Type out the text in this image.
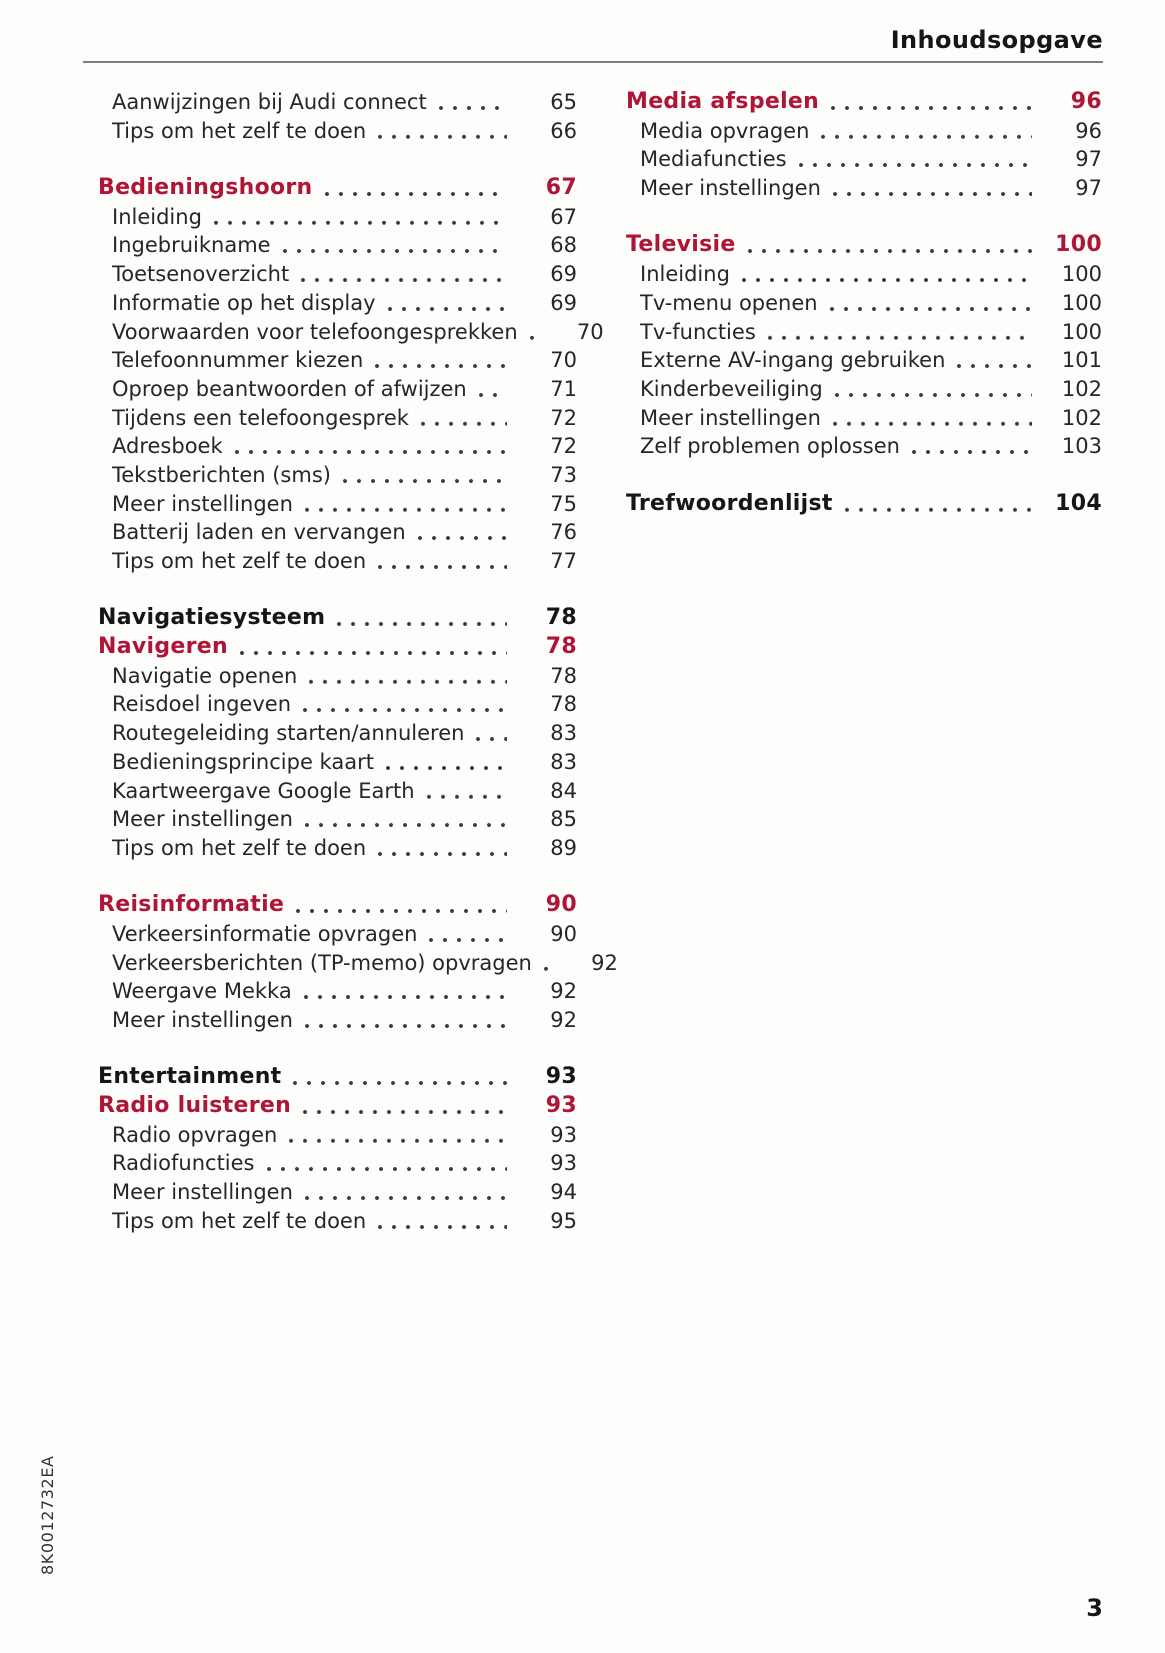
Inhoudsopgave
Aanwijzingen bij Audi connect	65
Tips om het zelf te doen	66
Bedieningshoorn	67
Inleiding	67
Ingebruikname	68
Toetsenoverzicht	69
Informatie op het display	69
Voorwaarden voor telefoongesprekken	70
Telefoonnummer kiezen	70
Oproep beantwoorden of afwijzen	71
Tijdens een telefoongesprek	72
Adresboek	72
Tekstberichten (sms)	73
Meer instellingen	75
Batterij laden en vervangen	76
Tips om het zelf te doen	77
Navigatiesysteem	78
Navigeren	78
Navigatie openen	78
Reisdoel ingeven	78
Routegeleiding starten/annuleren	83
Bedieningsprincipe kaart	83
Kaartweergave Google Earth	84
Meer instellingen	85
Tips om het zelf te doen	89
Reisinformatie	90
Verkeersinformatie opvragen	90
Verkeersberichten (TP-memo) opvragen	92
Weergave Mekka	92
Meer instellingen	92
Entertainment	93
Radio luisteren	93
Radio opvragen	93
Radiofuncties	93
Meer instellingen	94
Tips om het zelf te doen	95
Media afspelen	96
Media opvragen	96
Mediafuncties	97
Meer instellingen	97
Televisie	100
Inleiding	100
Tv-menu openen	100
Tv-functies	100
Externe AV-ingang gebruiken	101
Kinderbeveiliging	102
Meer instellingen	102
Zelf problemen oplossen	103
Trefwoordenlijst	104
8K0012732EA
3
